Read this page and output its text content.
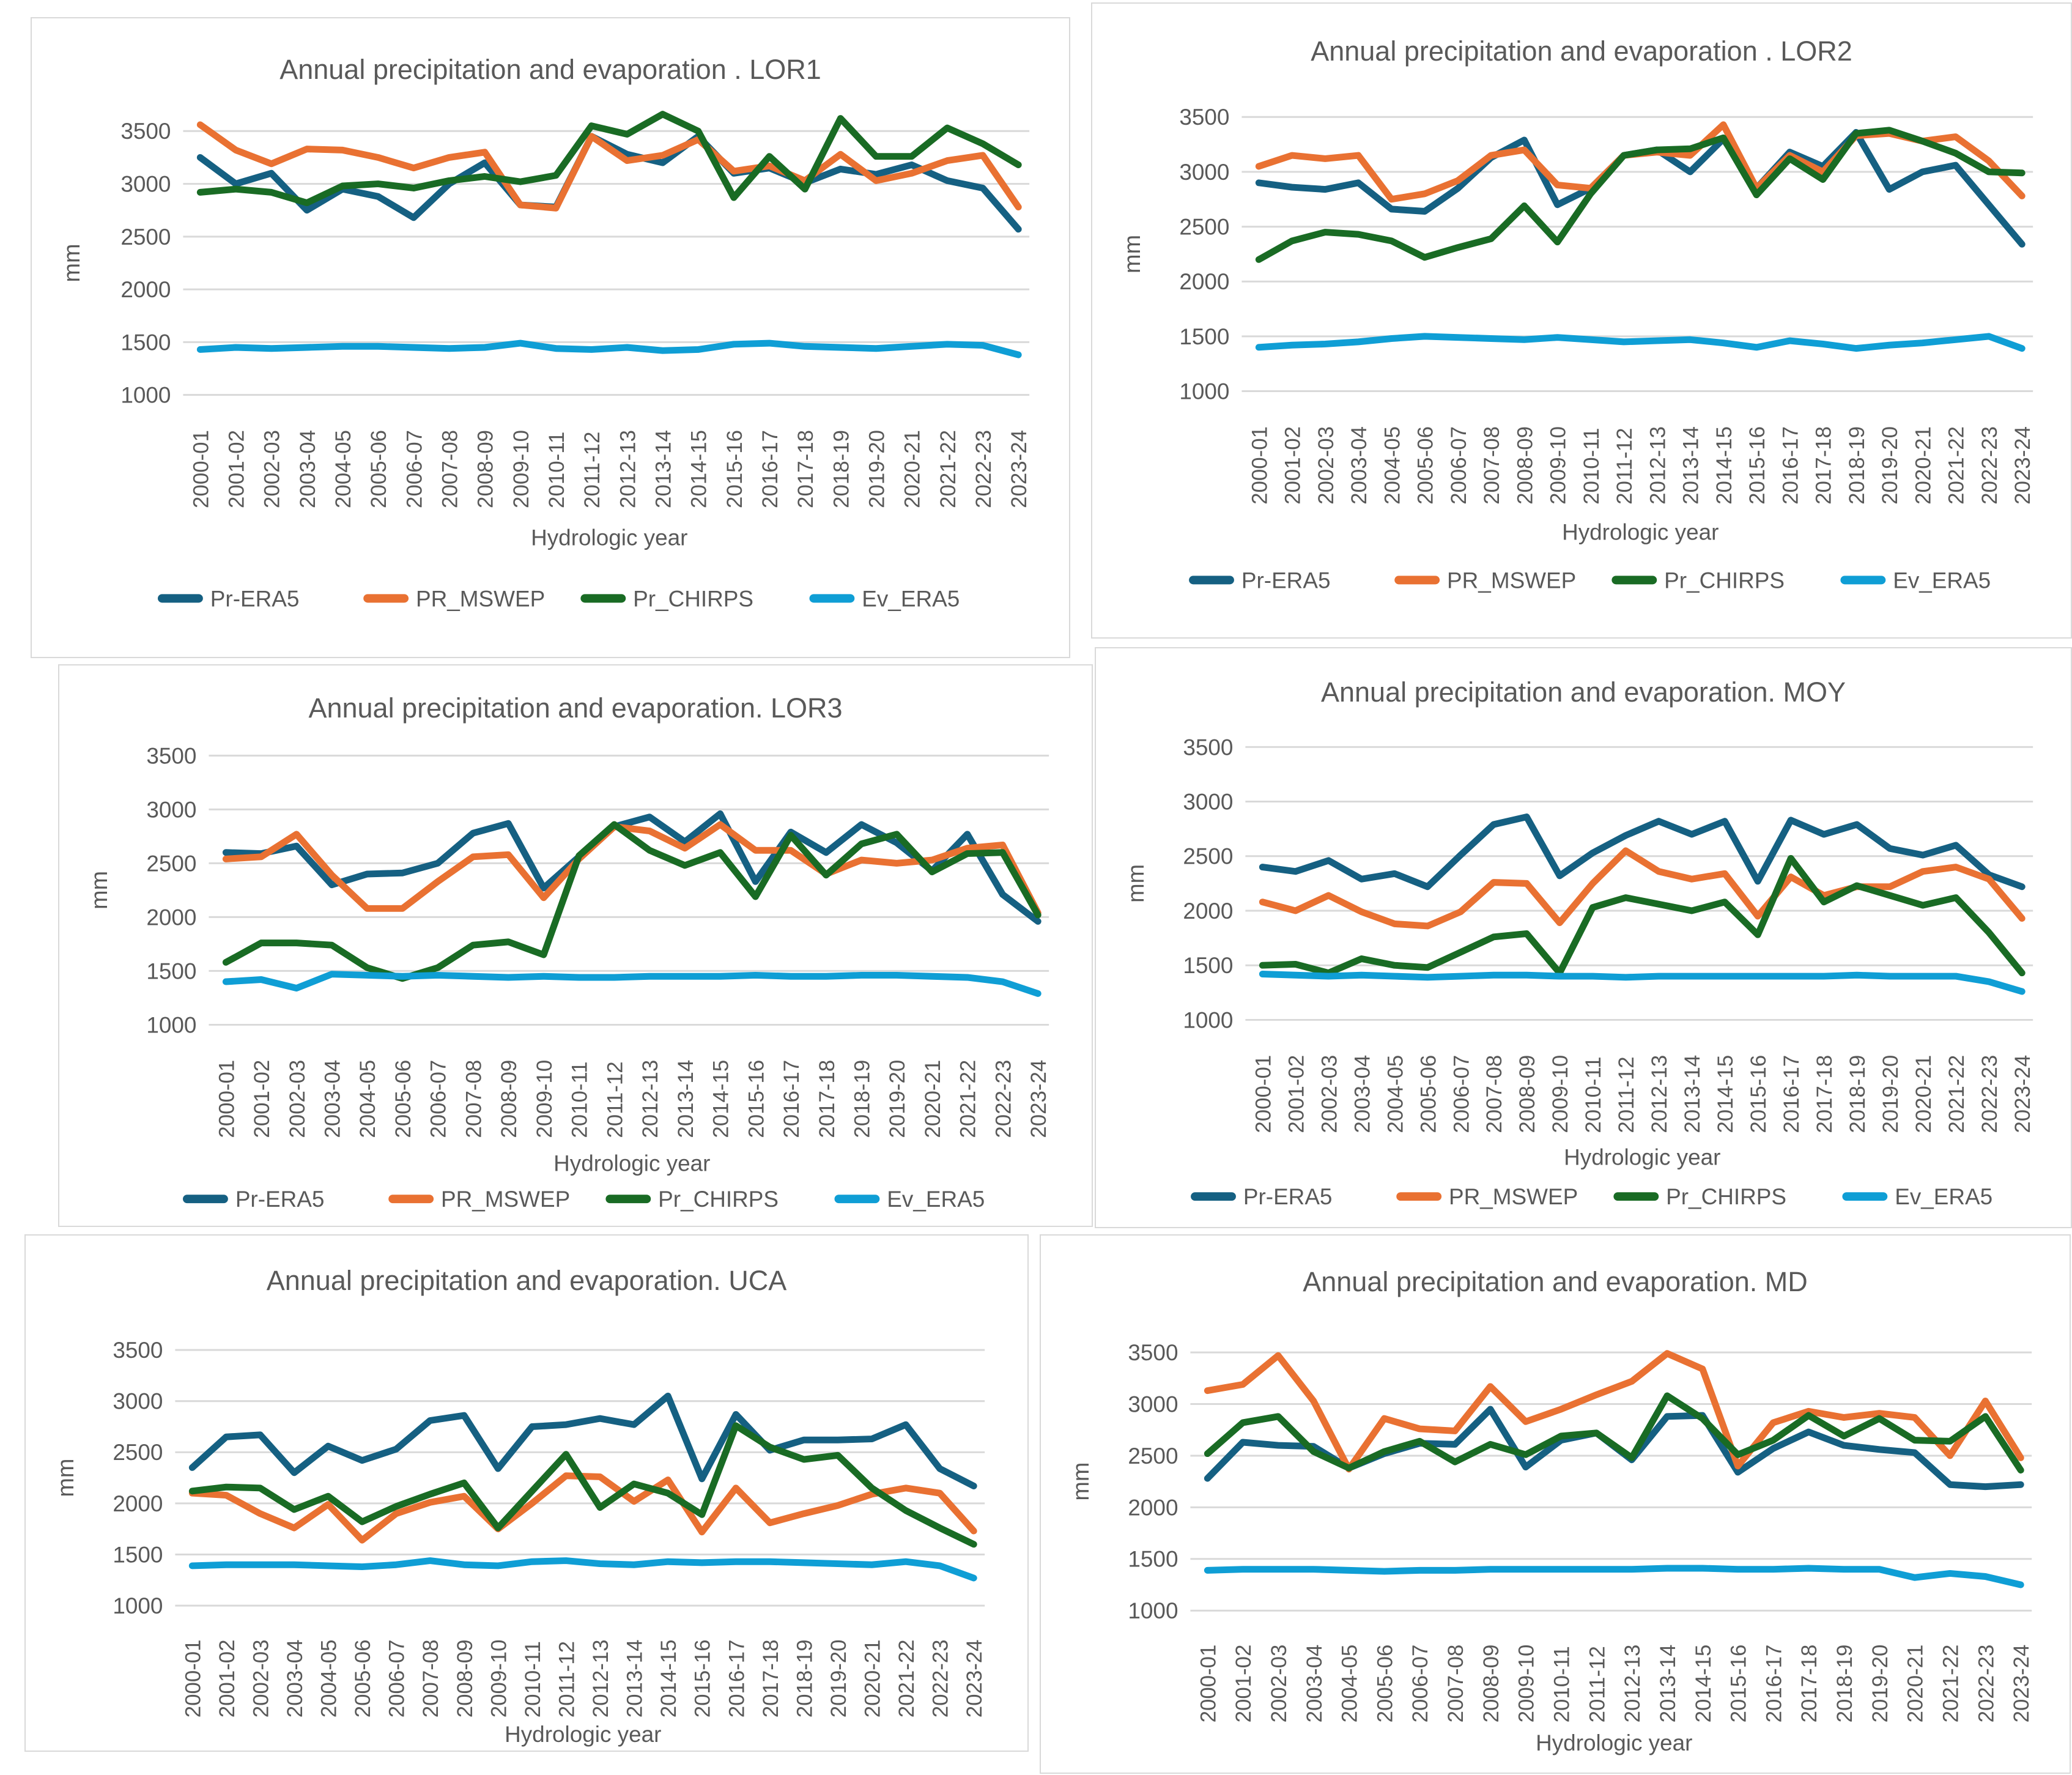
Annual precipitation and evaporation . LOR1
1000
1500
2000
2500
3000
3500
mm
2000-01 2001-02 2002-03 2003-04 2004-05 2005-06 2006-07 2007-08 2008-09 2009-10 2010-11 2011-12 2012-13 2013-14 2014-15 2015-16 2016-17 2017-18 2018-19 2019-20 2020-21 2021-22 2022-23 2023-24
Hydrologic year
Pr-ERA5	PR_MSWEP	Pr_CHIRPS	Ev_ERA5
Annual precipitation and evaporation . LOR2
1000
1500
2000
2500
3000
3500
mm
2000-01 2001-02 2002-03 2003-04 2004-05 2005-06 2006-07 2007-08 2008-09 2009-10 2010-11 2011-12 2012-13 2013-14 2014-15 2015-16 2016-17 2017-18 2018-19 2019-20 2020-21 2021-22 2022-23 2023-24
Hydrologic year
Pr-ERA5	PR_MSWEP	Pr_CHIRPS	Ev_ERA5
Annual precipitation and evaporation. LOR3
1000
1500
2000
2500
3000
3500
mm
2000-01 2001-02 2002-03 2003-04 2004-05 2005-06 2006-07 2007-08 2008-09 2009-10 2010-11 2011-12 2012-13 2013-14 2014-15 2015-16 2016-17 2017-18 2018-19 2019-20 2020-21 2021-22 2022-23 2023-24
Hydrologic year
Pr-ERA5	PR_MSWEP	Pr_CHIRPS	Ev_ERA5
Annual precipitation and evaporation. MOY
1000
1500
2000
2500
3000
3500
mm
2000-01 2001-02 2002-03 2003-04 2004-05 2005-06 2006-07 2007-08 2008-09 2009-10 2010-11 2011-12 2012-13 2013-14 2014-15 2015-16 2016-17 2017-18 2018-19 2019-20 2020-21 2021-22 2022-23 2023-24
Hydrologic year
Pr-ERA5	PR_MSWEP	Pr_CHIRPS	Ev_ERA5
Annual precipitation and evaporation. UCA
1000
1500
2000
2500
3000
3500
mm
2000-01 2001-02 2002-03 2003-04 2004-05 2005-06 2006-07 2007-08 2008-09 2009-10 2010-11 2011-12 2012-13 2013-14 2014-15 2015-16 2016-17 2017-18 2018-19 2019-20 2020-21 2021-22 2022-23 2023-24
Hydrologic year
Annual precipitation and evaporation. MD
1000
1500
2000
2500
3000
3500
mm
2000-01 2001-02 2002-03 2003-04 2004-05 2005-06 2006-07 2007-08 2008-09 2009-10 2010-11 2011-12 2012-13 2013-14 2014-15 2015-16 2016-17 2017-18 2018-19 2019-20 2020-21 2021-22 2022-23 2023-24
Hydrologic year
